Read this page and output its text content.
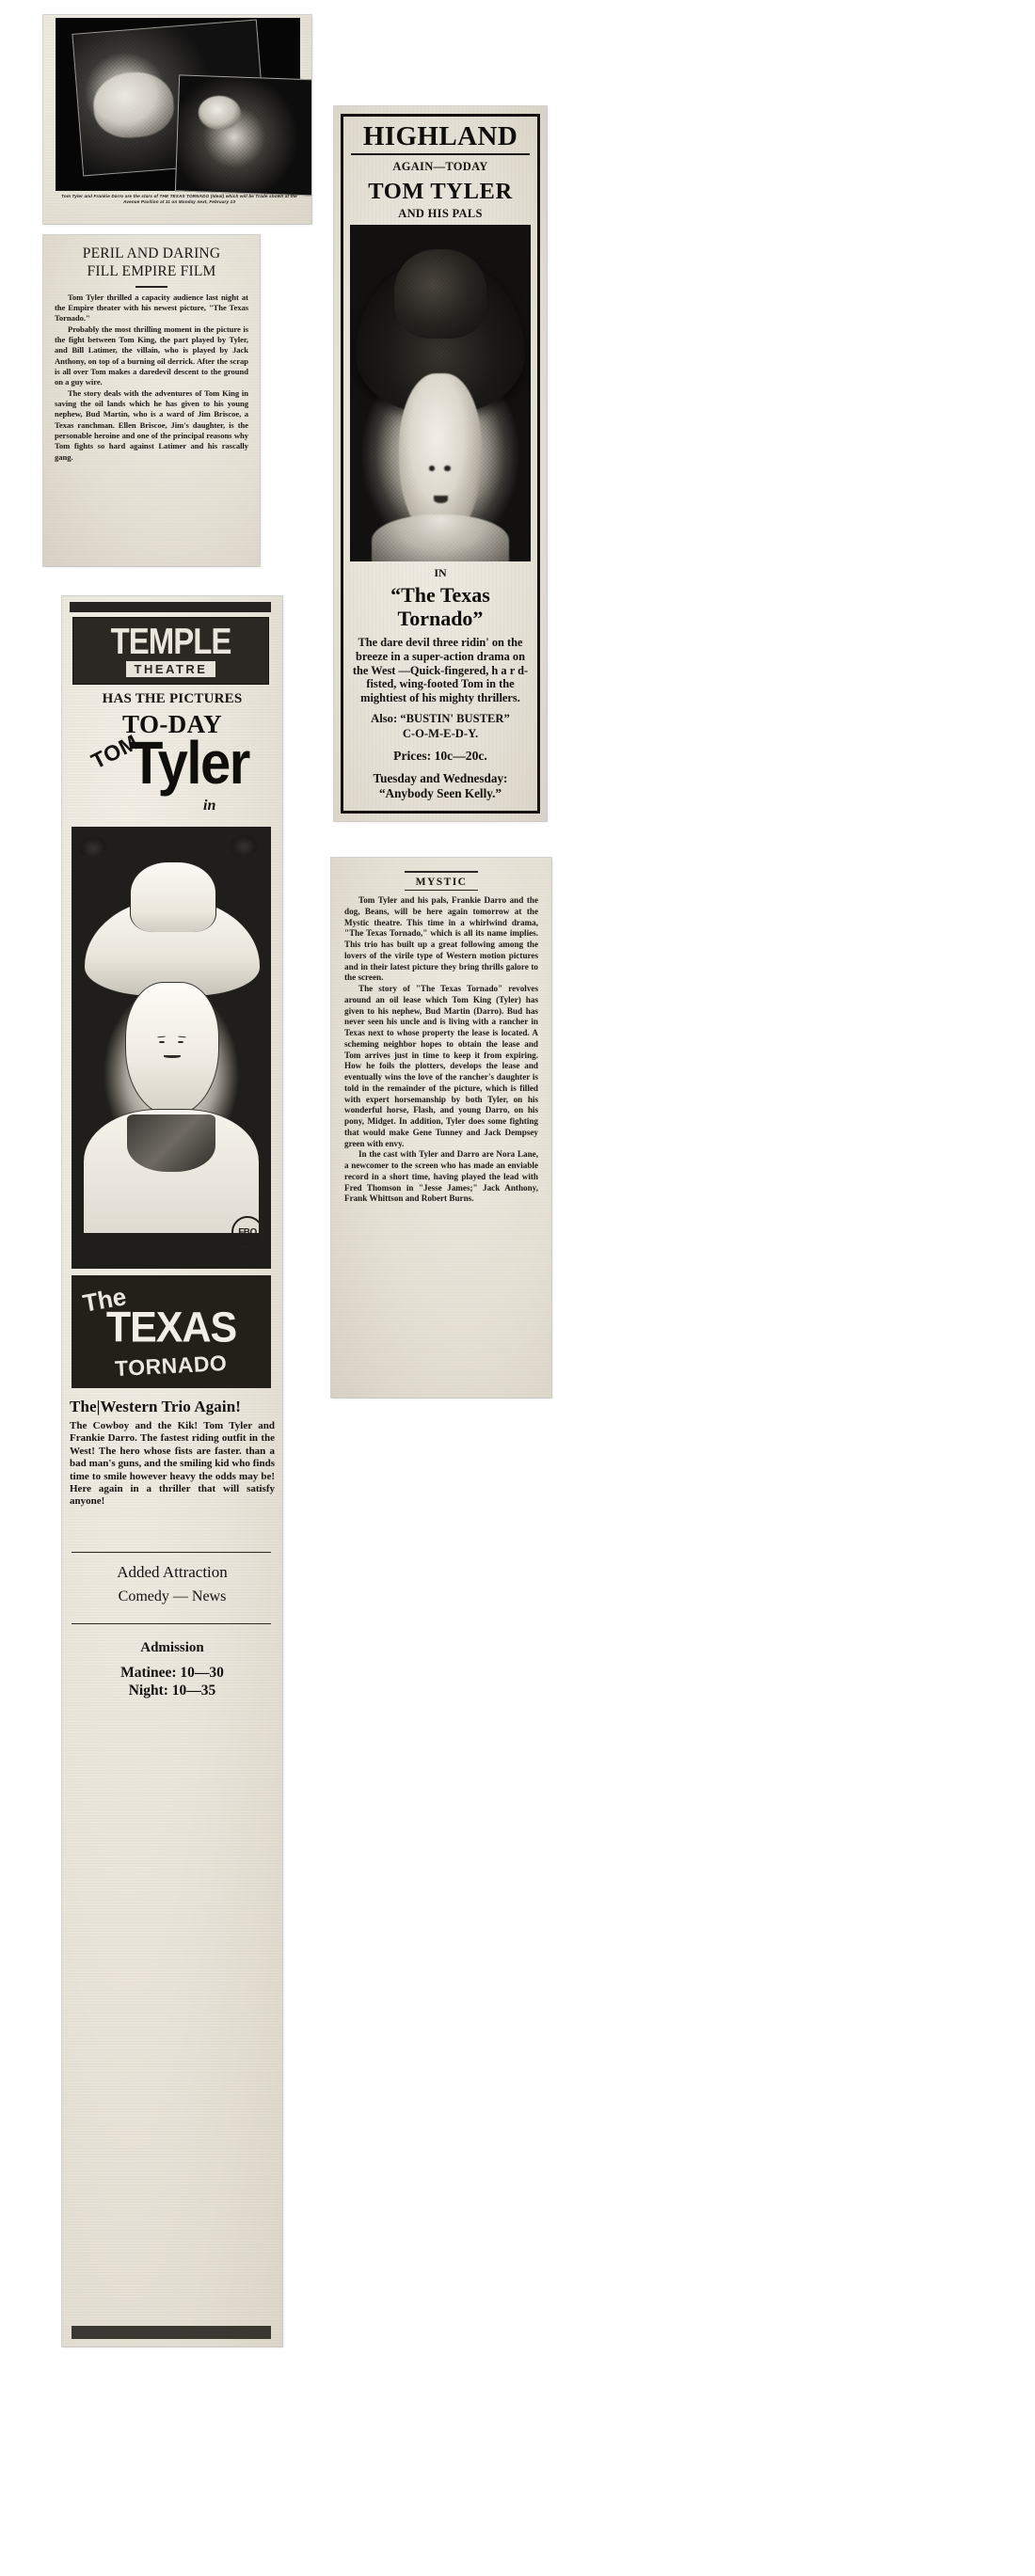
Tom Tyler and Frankie Darro are the stars of THE TEXAS TORNADO (Ideal) which will be Trade shown at the Avenue Pavilion at 11 on Monday next, February 13
PERIL AND DARING
FILL EMPIRE FILM

Tom Tyler thrilled a capacity audience last night at the Empire theater with his newest picture, "The Texas Tornado."

Probably the most thrilling moment in the picture is the fight between Tom King, the part played by Tyler, and Bill Latimer, the villain, who is played by Jack Anthony, on top of a burning oil derrick. After the scrap is all over Tom makes a daredevil descent to the ground on a guy wire.

The story deals with the adventures of Tom King in saving the oil lands which he has given to his young nephew, Bud Martin, who is a ward of Jim Briscoe, a Texas ranchman. Ellen Briscoe, Jim's daughter, is the personable heroine and one of the principal reasons why Tom fights so hard against Latimer and his rascally gang.

HIGHLAND
AGAIN—TODAY
TOM TYLER
AND HIS PALS
IN
“The Texas
Tornado”
The dare devil three ridin' on the breeze in a super-action drama on the West —Quick-fingered, h a r d-fisted, wing-footed Tom in the mightiest of his mighty thrillers.
Also: “BUSTIN' BUSTER”
C-O-M-E-D-Y.
Prices: 10c—20c.
Tuesday and Wednesday:
“Anybody Seen Kelly.”
TEMPLE
THEATRE
HAS THE PICTURES
TO-DAY
TOM
Tyler
in
FBO
The
TEXAS
TORNADO
The|Western Trio Again!
The Cowboy and the Kik! Tom Tyler and Frankie Darro. The fastest riding outfit in the West! The hero whose fists are faster. than a bad man's guns, and the smiling kid who finds time to smile however heavy the odds may be! Here again in a thriller that will satisfy anyone!
Added Attraction
Comedy — News
Admission
Matinee: 10—30
Night: 10—35
MYSTIC

Tom Tyler and his pals, Frankie Darro and the dog, Beans, will be here again tomorrow at the Mystic theatre. This time in a whirlwind drama, "The Texas Tornado," which is all its name implies. This trio has built up a great following among the lovers of the virile type of Western motion pictures and in their latest picture they bring thrills galore to the screen.

The story of "The Texas Tornado" revolves around an oil lease which Tom King (Tyler) has given to his nephew, Bud Martin (Darro). Bud has never seen his uncle and is living with a rancher in Texas next to whose property the lease is located. A scheming neighbor hopes to obtain the lease and Tom arrives just in time to keep it from expiring. How he foils the plotters, develops the lease and eventually wins the love of the rancher's daughter is told in the remainder of the picture, which is filled with expert horsemanship by both Tyler, on his wonderful horse, Flash, and young Darro, on his pony, Midget. In addition, Tyler does some fighting that would make Gene Tunney and Jack Dempsey green with envy.

In the cast with Tyler and Darro are Nora Lane, a newcomer to the screen who has made an enviable record in a short time, having played the lead with Fred Thomson in "Jesse James;" Jack Anthony, Frank Whittson and Robert Burns.
